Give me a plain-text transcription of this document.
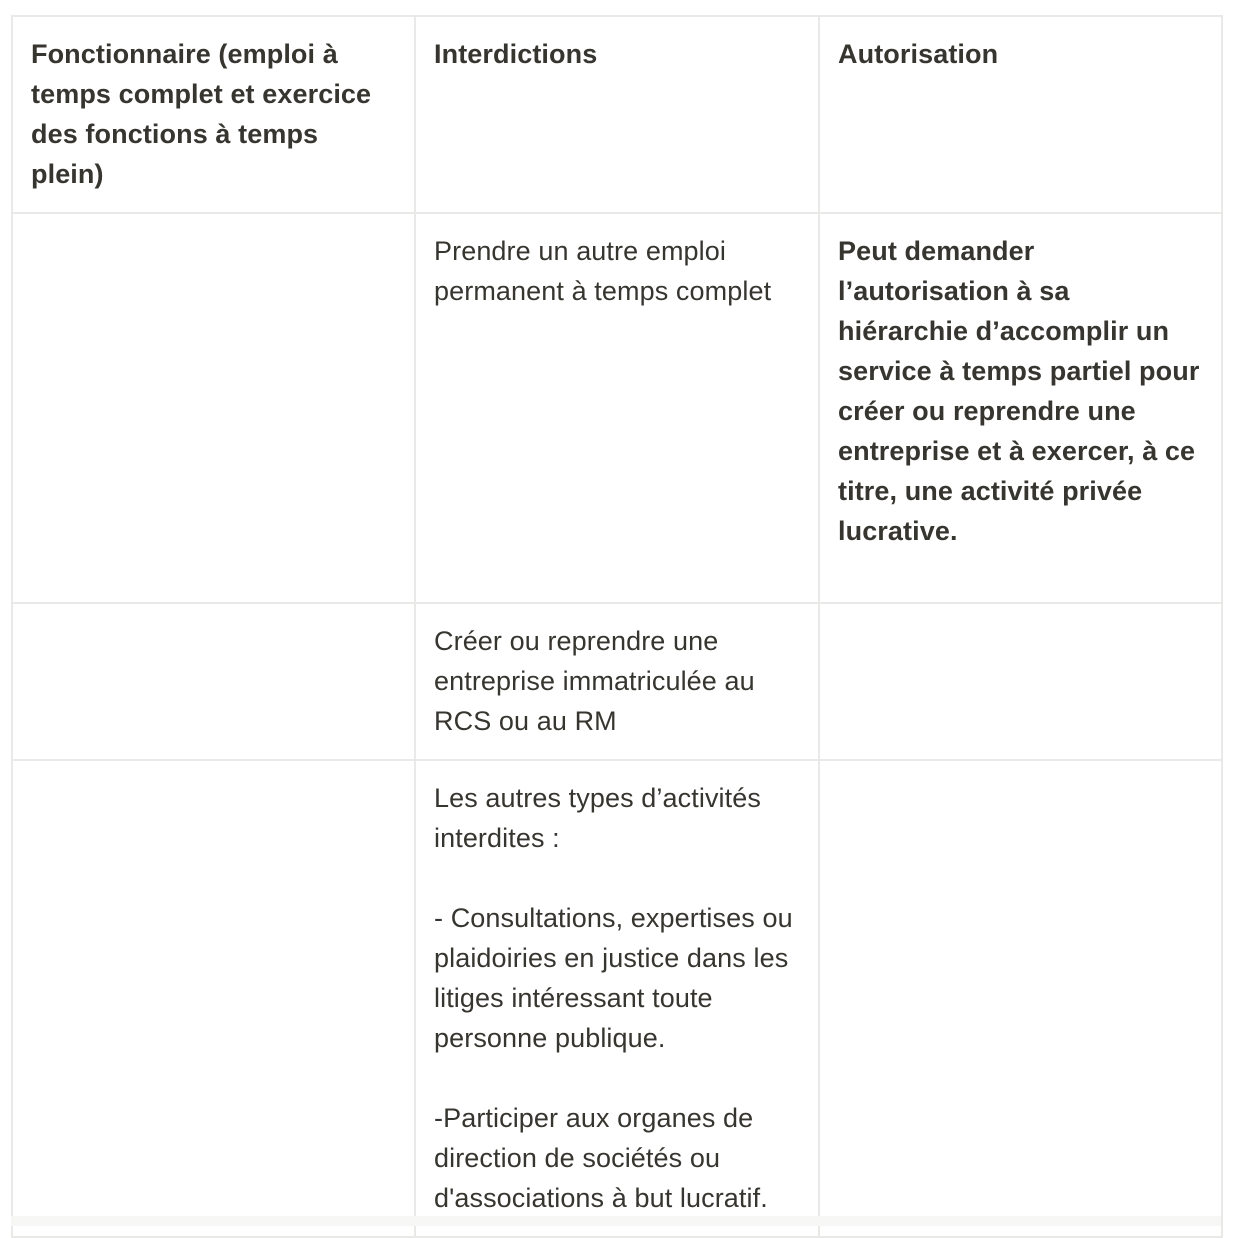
Fonctionnaire (emploi à temps complet et exercice des fonctions à temps plein)	Interdictions	Autorisation
	Prendre un autre emploi permanent à temps complet	Peut demander l’autorisation à sa hiérarchie d’accomplir un service à temps partiel pour créer ou reprendre une entreprise et à exercer, à ce titre, une activité privée lucrative.
	Créer ou reprendre une entreprise immatriculée au RCS ou au RM	
	Les autres types d’activités interdites :

- Consultations, expertises ou plaidoiries en justice dans les litiges intéressant toute personne publique.

-Participer aux organes de direction de sociétés ou d'associations à but lucratif.	
